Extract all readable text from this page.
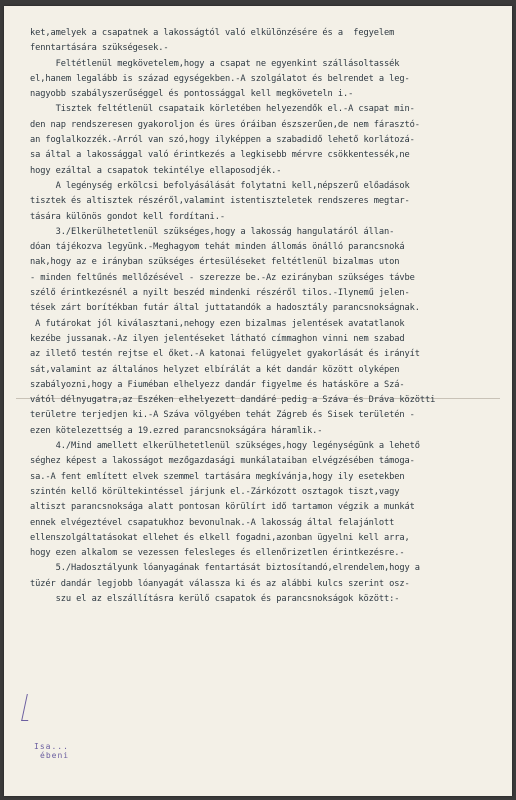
ket,amelyek a csapatnek a lakosságtól való elkülönzésére és a  fegyelem
fenntartására szükségesek.-
Feltétlenül megkövetelem,hogy a csapat ne egyenkint szállásoltassék
el,hanem legalább is század egységekben.-A szolgálatot és belrendet a leg-
nagyobb szabályszerűséggel és pontossággal kell megköveteln i.-
Tisztek feltétlenül csapataik körletében helyezendők el.-A csapat min-
den nap rendszeresen gyakoroljon és üres óráiban észszerűen,de nem fárasztó-
an foglalkozzék.-Arról van szó,hogy ilyképpen a szabadidő lehető korlátozá-
sa által a lakossággal való érintkezés a legkisebb mérvre csökkentessék,ne
hogy ezáltal a csapatok tekintélye ellaposodjék.-
A legénység erkölcsi befolyásálását folytatni kell,népszerű előadások
tisztek és altisztek részéről,valamint istentiszteletek rendszeres megtar-
tására különös gondot kell fordítani.-
3./Elkerülhetetlenül szükséges,hogy a lakosság hangulatáról állan-
dóan tájékozva legyünk.-Meghagyom tehát minden állomás önálló parancsnoká
nak,hogy az e irányban szükséges értesüléseket feltétlenül bizalmas uton
- minden feltűnés mellőzésével - szerezze be.-Az ezirányban szükséges távbe
szélő érintkezésnél a nyilt beszéd mindenki részéről tilos.-Ilynemű jelen-
tések zárt borítékban futár által juttatandók a hadosztály parancsnokságnak.
A futárokat jól kiválasztani,nehogy ezen bizalmas jelentések avatatlanok
kezébe jussanak.-Az ilyen jelentéseket látható címmaghon vinni nem szabad
az illető testén rejtse el őket.-A katonai felügyelet gyakorlását és irányít
sát,valamint az általános helyzet elbírálát a két dandár között olyképen
szabályozni,hogy a Fiuméban elhelyezz dandár figyelme és hatásköre a Szá-
vától délnyugatra,az Eszéken elhelyezett dandáré pedig a Száva és Dráva közötti
területre terjedjen ki.-A Száva völgyében tehát Zágreb és Sisek területén -
ezen kötelezettség a 19.ezred parancsnokságára háramlik.-
4./Mind amellett elkerülhetetlenül szükséges,hogy legénységünk a lehető
séghez képest a lakosságot mezőgazdasági munkálataiban elvégzésében támoga-
sa.-A fent említett elvek szemmel tartására megkívánja,hogy ily esetekben
szintén kellő körültekintéssel járjunk el.-Zárkózott osztagok tiszt,vagy
altiszt parancsnoksága alatt pontosan körülírt idő tartamon végzik a munkát
ennek elvégeztével csapatukhoz bevonulnak.-A lakosság által felajánlott
ellenszolgáltatásokat ellehet és elkell fogadni,azonban ügyelni kell arra,
hogy ezen alkalom se vezessen felesleges és ellenőrizetlen érintkezésre.-
5./Hadosztályunk lóanyagának fentartását biztosítandó,elrendelem,hogy a
tüzér dandár legjobb lóanyagát válassza ki és az alábbi kulcs szerint osz-
szu el az elszállításra kerülő csapatok és parancsnokságok között:-
Isa...
ébeni
